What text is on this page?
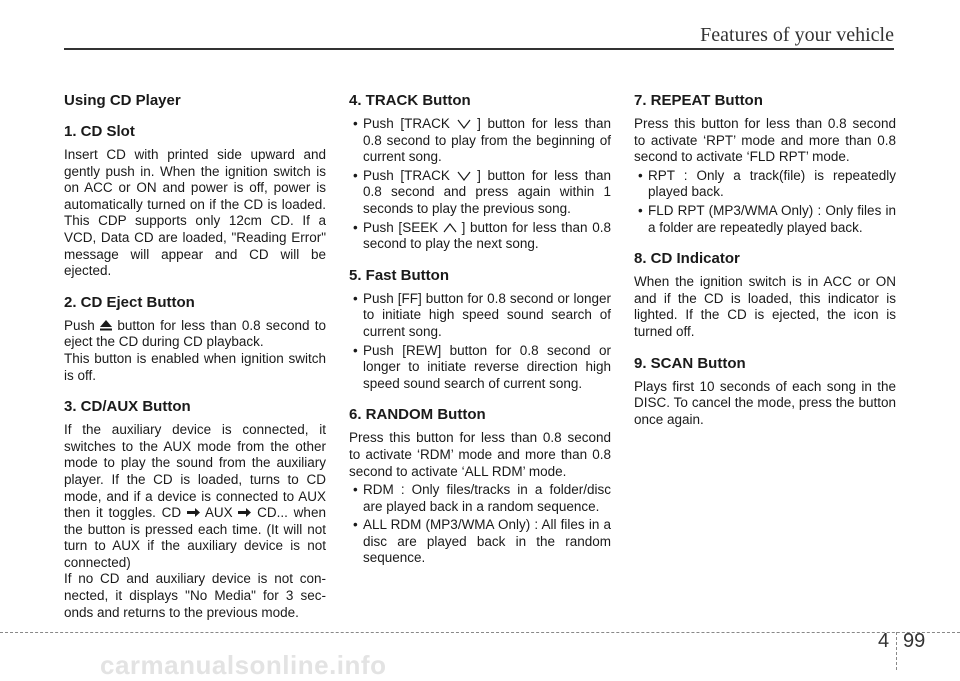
Features of your vehicle
Using CD Player
1. CD Slot

Insert CD with printed side upward and gently push in. When the ignition switch is on ACC or ON and power is off, power is automatically turned on if the CD is loaded. This CDP supports only 12cm CD. If a VCD, Data CD are loaded, "Reading Error" message will appear and CD will be ejected.

2. CD Eject Button

Push button for less than 0.8 second to eject the CD during CD playback.

This button is enabled when ignition switch is off.

3. CD/AUX Button

If the auxiliary device is connected, it switches to the AUX mode from the other mode to play the sound from the auxiliary player. If the CD is loaded, turns to CD mode, and if a device is connected to AUX then it toggles. CD AUX CD... when the button is pressed each time. (It will not turn to AUX if the auxiliary device is not connected)

If no CD and auxiliary device is not con-nected, it displays "No Media" for 3 sec-onds and returns to the previous mode.

4. TRACK Button
• Push [TRACK ] button for less than 0.8 second to play from the beginning of current song.
• Push [TRACK ] button for less than 0.8 second and press again within 1 seconds to play the previous song.
• Push [SEEK ] button for less than 0.8 second to play the next song.
5. Fast Button
• Push [FF] button for 0.8 second or longer to initiate high speed sound search of current song.
• Push [REW] button for 0.8 second or longer to initiate reverse direction high speed sound search of current song.
6. RANDOM Button

Press this button for less than 0.8 second to activate ‘RDM’ mode and more than 0.8 second to activate ‘ALL RDM’ mode.

• RDM : Only files/tracks in a folder/disc are played back in a random sequence.
• ALL RDM (MP3/WMA Only) : All files in a disc are played back in the random sequence.
7. REPEAT Button

Press this button for less than 0.8 second to activate ‘RPT’ mode and more than 0.8 second to activate ‘FLD RPT’ mode.

• RPT : Only a track(file) is repeatedly played back.
• FLD RPT (MP3/WMA Only) : Only files in a folder are repeatedly played back.
8. CD Indicator

When the ignition switch is in ACC or ON and if the CD is loaded, this indicator is lighted. If the CD is ejected, the icon is turned off.

9. SCAN Button

Plays first 10 seconds of each song in the DISC. To cancel the mode, press the button once again.

4 99
carmanualsonline.info
